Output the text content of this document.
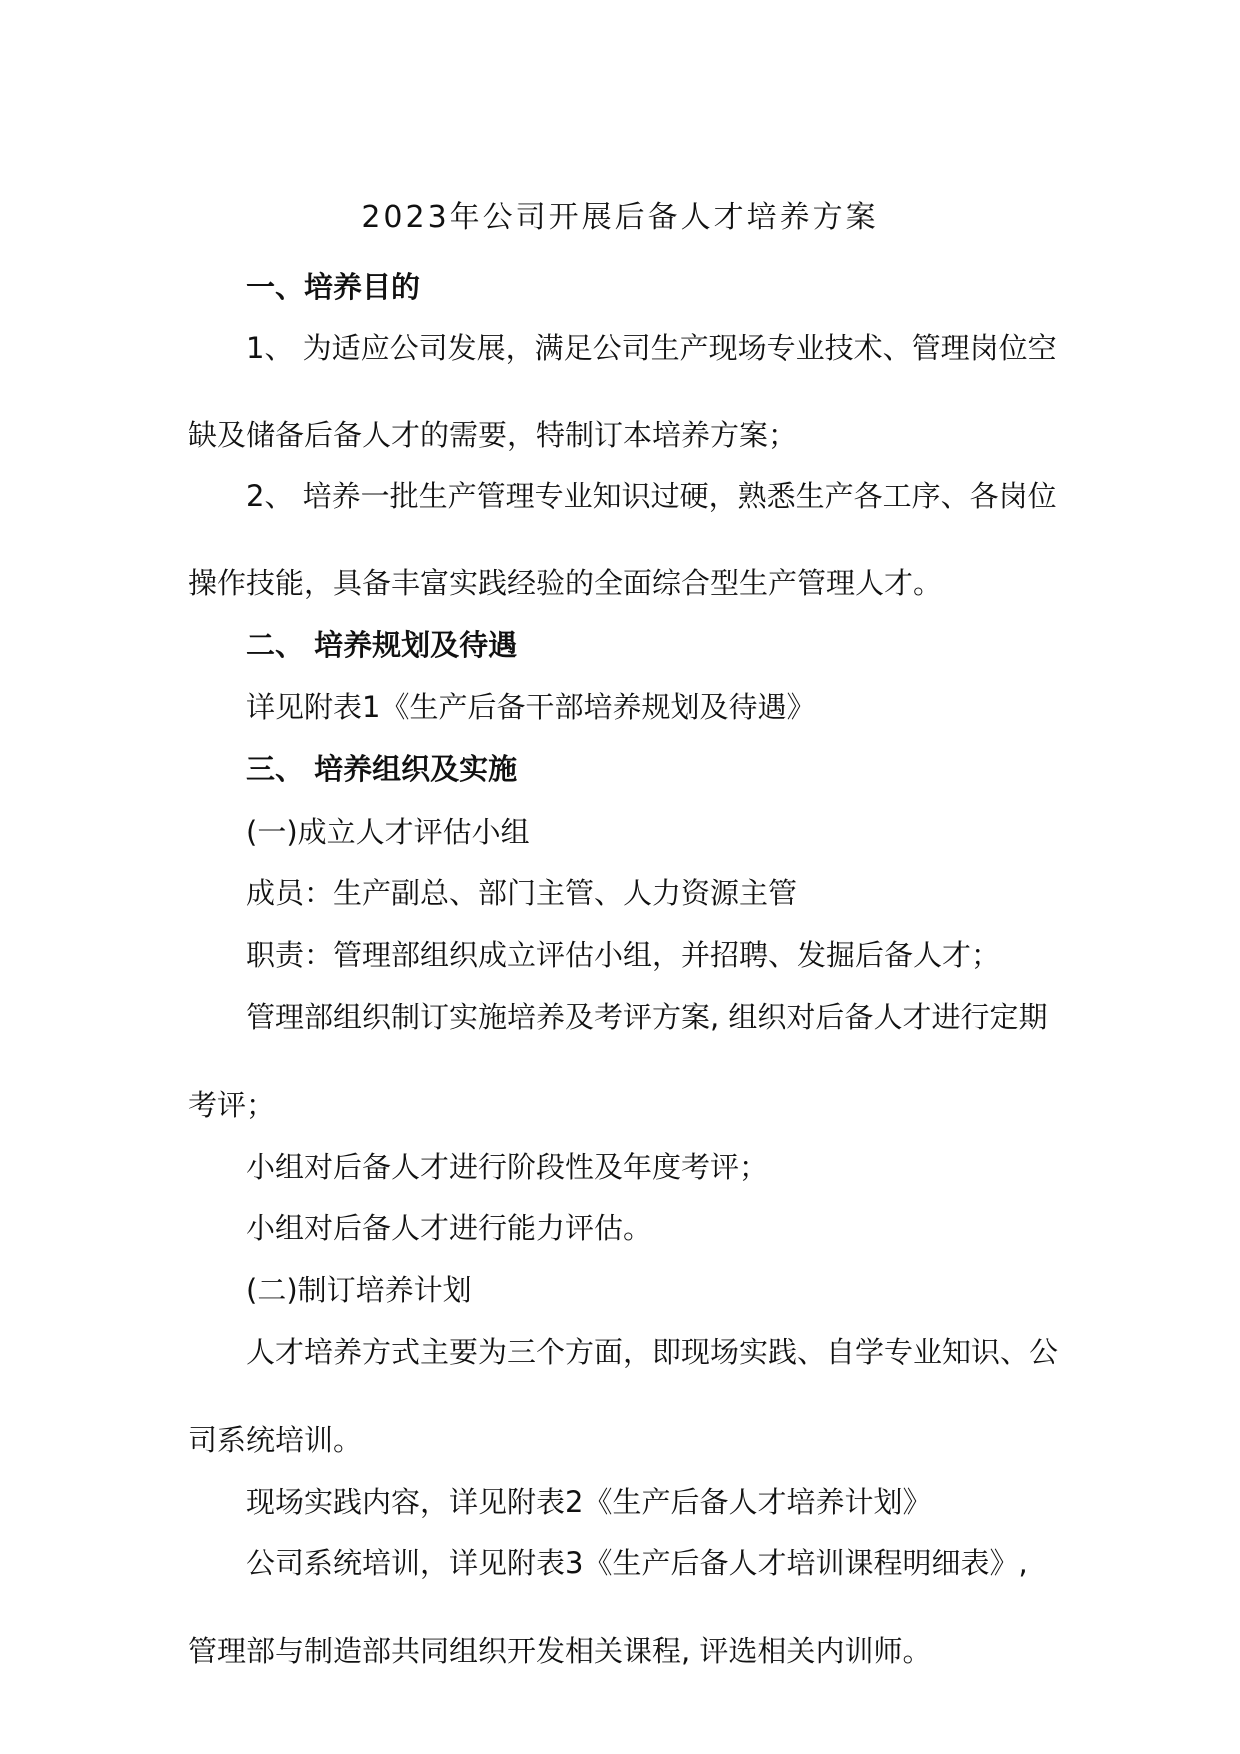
2023年公司开展后备人才培养方案
一、培养目的
1、 为适应公司发展，满足公司生产现场专业技术、管理岗位空
缺及储备后备人才的需要，特制订本培养方案；
2、 培养一批生产管理专业知识过硬，熟悉生产各工序、各岗位
操作技能，具备丰富实践经验的全面综合型生产管理人才。
二、 培养规划及待遇
详见附表1《生产后备干部培养规划及待遇》
三、 培养组织及实施
(一)成立人才评估小组
成员：生产副总、部门主管、人力资源主管
职责：管理部组织成立评估小组，并招聘、发掘后备人才；
管理部组织制订实施培养及考评方案, 组织对后备人才进行定期
考评；
小组对后备人才进行阶段性及年度考评；
小组对后备人才进行能力评估。
(二)制订培养计划
人才培养方式主要为三个方面，即现场实践、自学专业知识、公
司系统培训。
现场实践内容，详见附表2《生产后备人才培养计划》
公司系统培训，详见附表3《生产后备人才培训课程明细表》,
管理部与制造部共同组织开发相关课程, 评选相关内训师。
